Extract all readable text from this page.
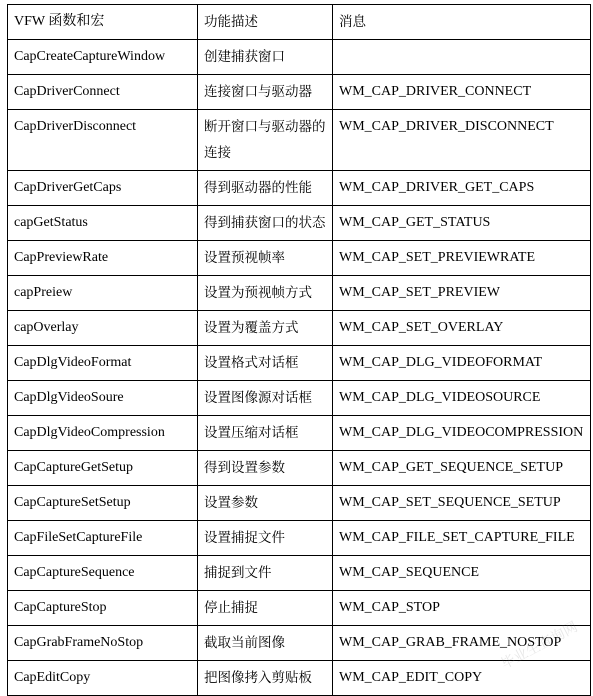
VFW 函数和宏	功能描述	消息
CapCreateCaptureWindow	创建捕获窗口	
CapDriverConnect	连接窗口与驱动器	WM_CAP_DRIVER_CONNECT
CapDriverDisconnect	断开窗口与驱动器的连接	WM_CAP_DRIVER_DISCONNECT
CapDriverGetCaps	得到驱动器的性能	WM_CAP_DRIVER_GET_CAPS
capGetStatus	得到捕获窗口的状态	WM_CAP_GET_STATUS
CapPreviewRate	设置预视帧率	WM_CAP_SET_PREVIEWRATE
capPreiew	设置为预视帧方式	WM_CAP_SET_PREVIEW
capOverlay	设置为覆盖方式	WM_CAP_SET_OVERLAY
CapDlgVideoFormat	设置格式对话框	WM_CAP_DLG_VIDEOFORMAT
CapDlgVideoSoure	设置图像源对话框	WM_CAP_DLG_VIDEOSOURCE
CapDlgVideoCompression	设置压缩对话框	WM_CAP_DLG_VIDEOCOMPRESSION
CapCaptureGetSetup	得到设置参数	WM_CAP_GET_SEQUENCE_SETUP
CapCaptureSetSetup	设置参数	WM_CAP_SET_SEQUENCE_SETUP
CapFileSetCaptureFile	设置捕捉文件	WM_CAP_FILE_SET_CAPTURE_FILE
CapCaptureSequence	捕捉到文件	WM_CAP_SEQUENCE
CapCaptureStop	停止捕捉	WM_CAP_STOP
CapGrabFrameNoStop	截取当前图像	WM_CAP_GRAB_FRAME_NOSTOP
CapEditCopy	把图像拷入剪贴板	WM_CAP_EDIT_COPY
毕业生查询网
